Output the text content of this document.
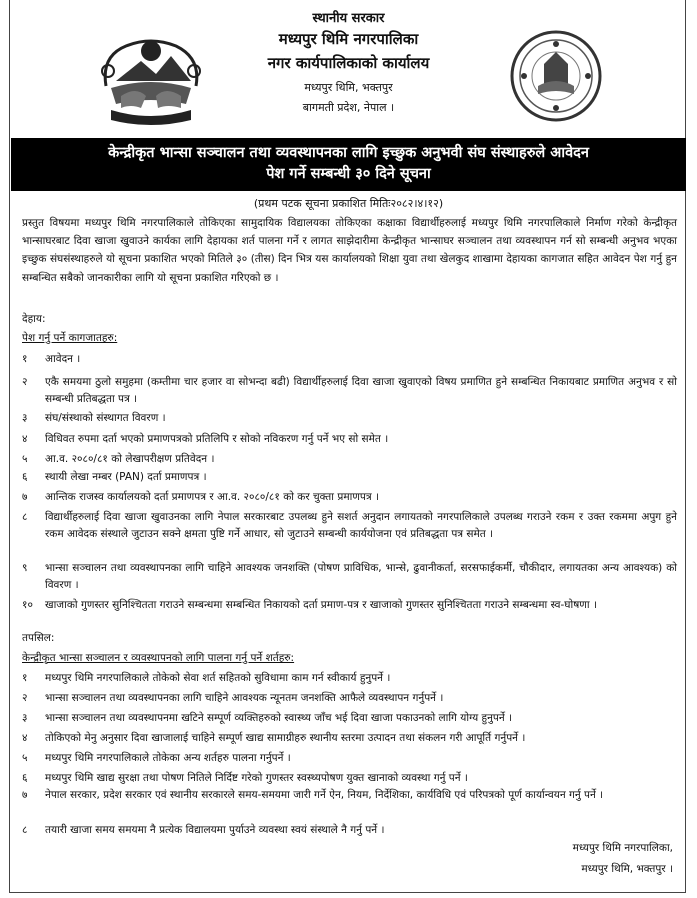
स्थानीय सरकार
मध्यपुर थिमि नगरपालिका
नगर कार्यपालिकाको कार्यालय
मध्यपुर थिमि, भक्तपुर
बागमती प्रदेश, नेपाल ।
केन्द्रीकृत भान्सा सञ्चालन तथा व्यवस्थापनका लागि इच्छुक अनुभवी संघ संस्थाहरुले आवेदन
पेश गर्ने सम्बन्धी ३० दिने सूचना
(प्रथम पटक सूचना प्रकाशित मितिः२०८२।४।१२)
प्रस्तुत विषयमा मध्यपुर थिमि नगरपालिकाले तोकिएका सामुदायिक विद्यालयका तोकिएका कक्षाका विद्यार्थीहरुलाई मध्यपुर थिमि नगरपालिकाले निर्माण गरेको केन्द्रीकृत भान्साघरबाट दिवा खाजा खुवाउने कार्यका लागि देहायका शर्त पालना गर्ने र लागत साझेदारीमा केन्द्रीकृत भान्साघर सञ्चालन तथा व्यवस्थापन गर्न सो सम्बन्धी अनुभव भएका इच्छुक संघसंस्थाहरुले यो सूचना प्रकाशित भएको मितिले ३० (तीस) दिन भित्र यस कार्यालयको शिक्षा युवा तथा खेलकुद शाखामा देहायका कागजात सहित आवेदन पेश गर्नु हुन सम्बन्धित सबैको जानकारीका लागि यो सूचना प्रकाशित गरिएको छ ।
देहाय:
पेश गर्नु पर्ने कागजातहरु:
१	आवेदन ।
२	एकै समयमा ठुलो समुहमा (कम्तीमा चार हजार वा सोभन्दा बढी) विद्यार्थीहरुलाई दिवा खाजा खुवाएको विषय प्रमाणित हुने सम्बन्धित निकायबाट प्रमाणित अनुभव र सो सम्बन्धी प्रतिबद्धता पत्र ।
३	संघ/संस्थाको संस्थागत विवरण ।
४	विधिवत रुपमा दर्ता भएको प्रमाणपत्रको प्रतिलिपि र सोको नविकरण गर्नु पर्ने भए सो समेत ।
५	आ.व. २०८०/८१ को लेखापरीक्षण प्रतिवेदन ।
६	स्थायी लेखा नम्बर (PAN) दर्ता प्रमाणपत्र ।
७	आन्तिक राजस्व कार्यालयको दर्ता प्रमाणपत्र र आ.व. २०८०/८१ को कर चुक्ता प्रमाणपत्र ।
८	विद्यार्थीहरुलाई दिवा खाजा खुवाउनका लागि नेपाल सरकारबाट उपलब्ध हुने सशर्त अनुदान लगायतको नगरपालिकाले उपलब्ध गराउने रकम र उक्त रकममा अपुग हुने रकम आवेदक संस्थाले जुटाउन सक्ने क्षमता पुष्टि गर्ने आधार, सो जुटाउने सम्बन्धी कार्ययोजना एवं प्रतिबद्धता पत्र समेत ।
९	भान्सा सञ्चालन तथा व्यवस्थापनका लागि चाहिने आवश्यक जनशक्ति (पोषण प्राविधिक, भान्से, ढुवानीकर्ता, सरसफाईकर्मी, चौकीदार, लगायतका अन्य आवश्यक) को विवरण ।
१०	खाजाको गुणस्तर सुनिश्चितता गराउने सम्बन्धमा सम्बन्धित निकायको दर्ता प्रमाण-पत्र र खाजाको गुणस्तर सुनिश्चितता गराउने सम्बन्धमा स्व-घोषणा ।
तपसिल:
केन्द्रीकृत भान्सा सञ्चालन र व्यवस्थापनको लागि पालना गर्नु पर्ने शर्तहरु:
१	मध्यपुर थिमि नगरपालिकाले तोकेको सेवा शर्त सहितको सुविधामा काम गर्न स्वीकार्य हुनुपर्ने ।
२	भान्सा सञ्चालन तथा व्यवस्थापनका लागि चाहिने आवश्यक न्यूनतम जनशक्ति आफैले व्यवस्थापन गर्नुपर्ने ।
३	भान्सा सञ्चालन तथा व्यवस्थापनमा खटिने सम्पूर्ण व्यक्तिहरुको स्वास्थ्य जाँच भई दिवा खाजा पकाउनको लागि योग्य हुनुपर्ने ।
४	तोकिएको मेनु अनुसार दिवा खाजालाई चाहिने सम्पूर्ण खाद्य सामाग्रीहरु स्थानीय स्तरमा उत्पादन तथा संकलन गरी आपूर्ति गर्नुपर्ने ।
५	मध्यपुर थिमि नगरपालिकाले तोकेका अन्य शर्तहरु पालना गर्नुपर्ने ।
६	मध्यपुर थिमि खाद्य सुरक्षा तथा पोषण नितिले निर्दिष्ट गरेको गुणस्तर स्वस्थ्यपोषण युक्त खानाको व्यवस्था गर्नु पर्ने ।
७	नेपाल सरकार, प्रदेश सरकार एवं स्थानीय सरकारले समय-समयमा जारी गर्ने ऐन, नियम, निर्देशिका, कार्यविधि एवं परिपत्रको पूर्ण कार्यान्वयन गर्नु पर्ने ।
८	तयारी खाजा समय समयमा नै प्रत्येक विद्यालयमा पुर्याउने व्यवस्था स्वयं संस्थाले नै गर्नु पर्ने ।
मध्यपुर थिमि नगरपालिका,
मध्यपुर थिमि, भक्तपुर ।
